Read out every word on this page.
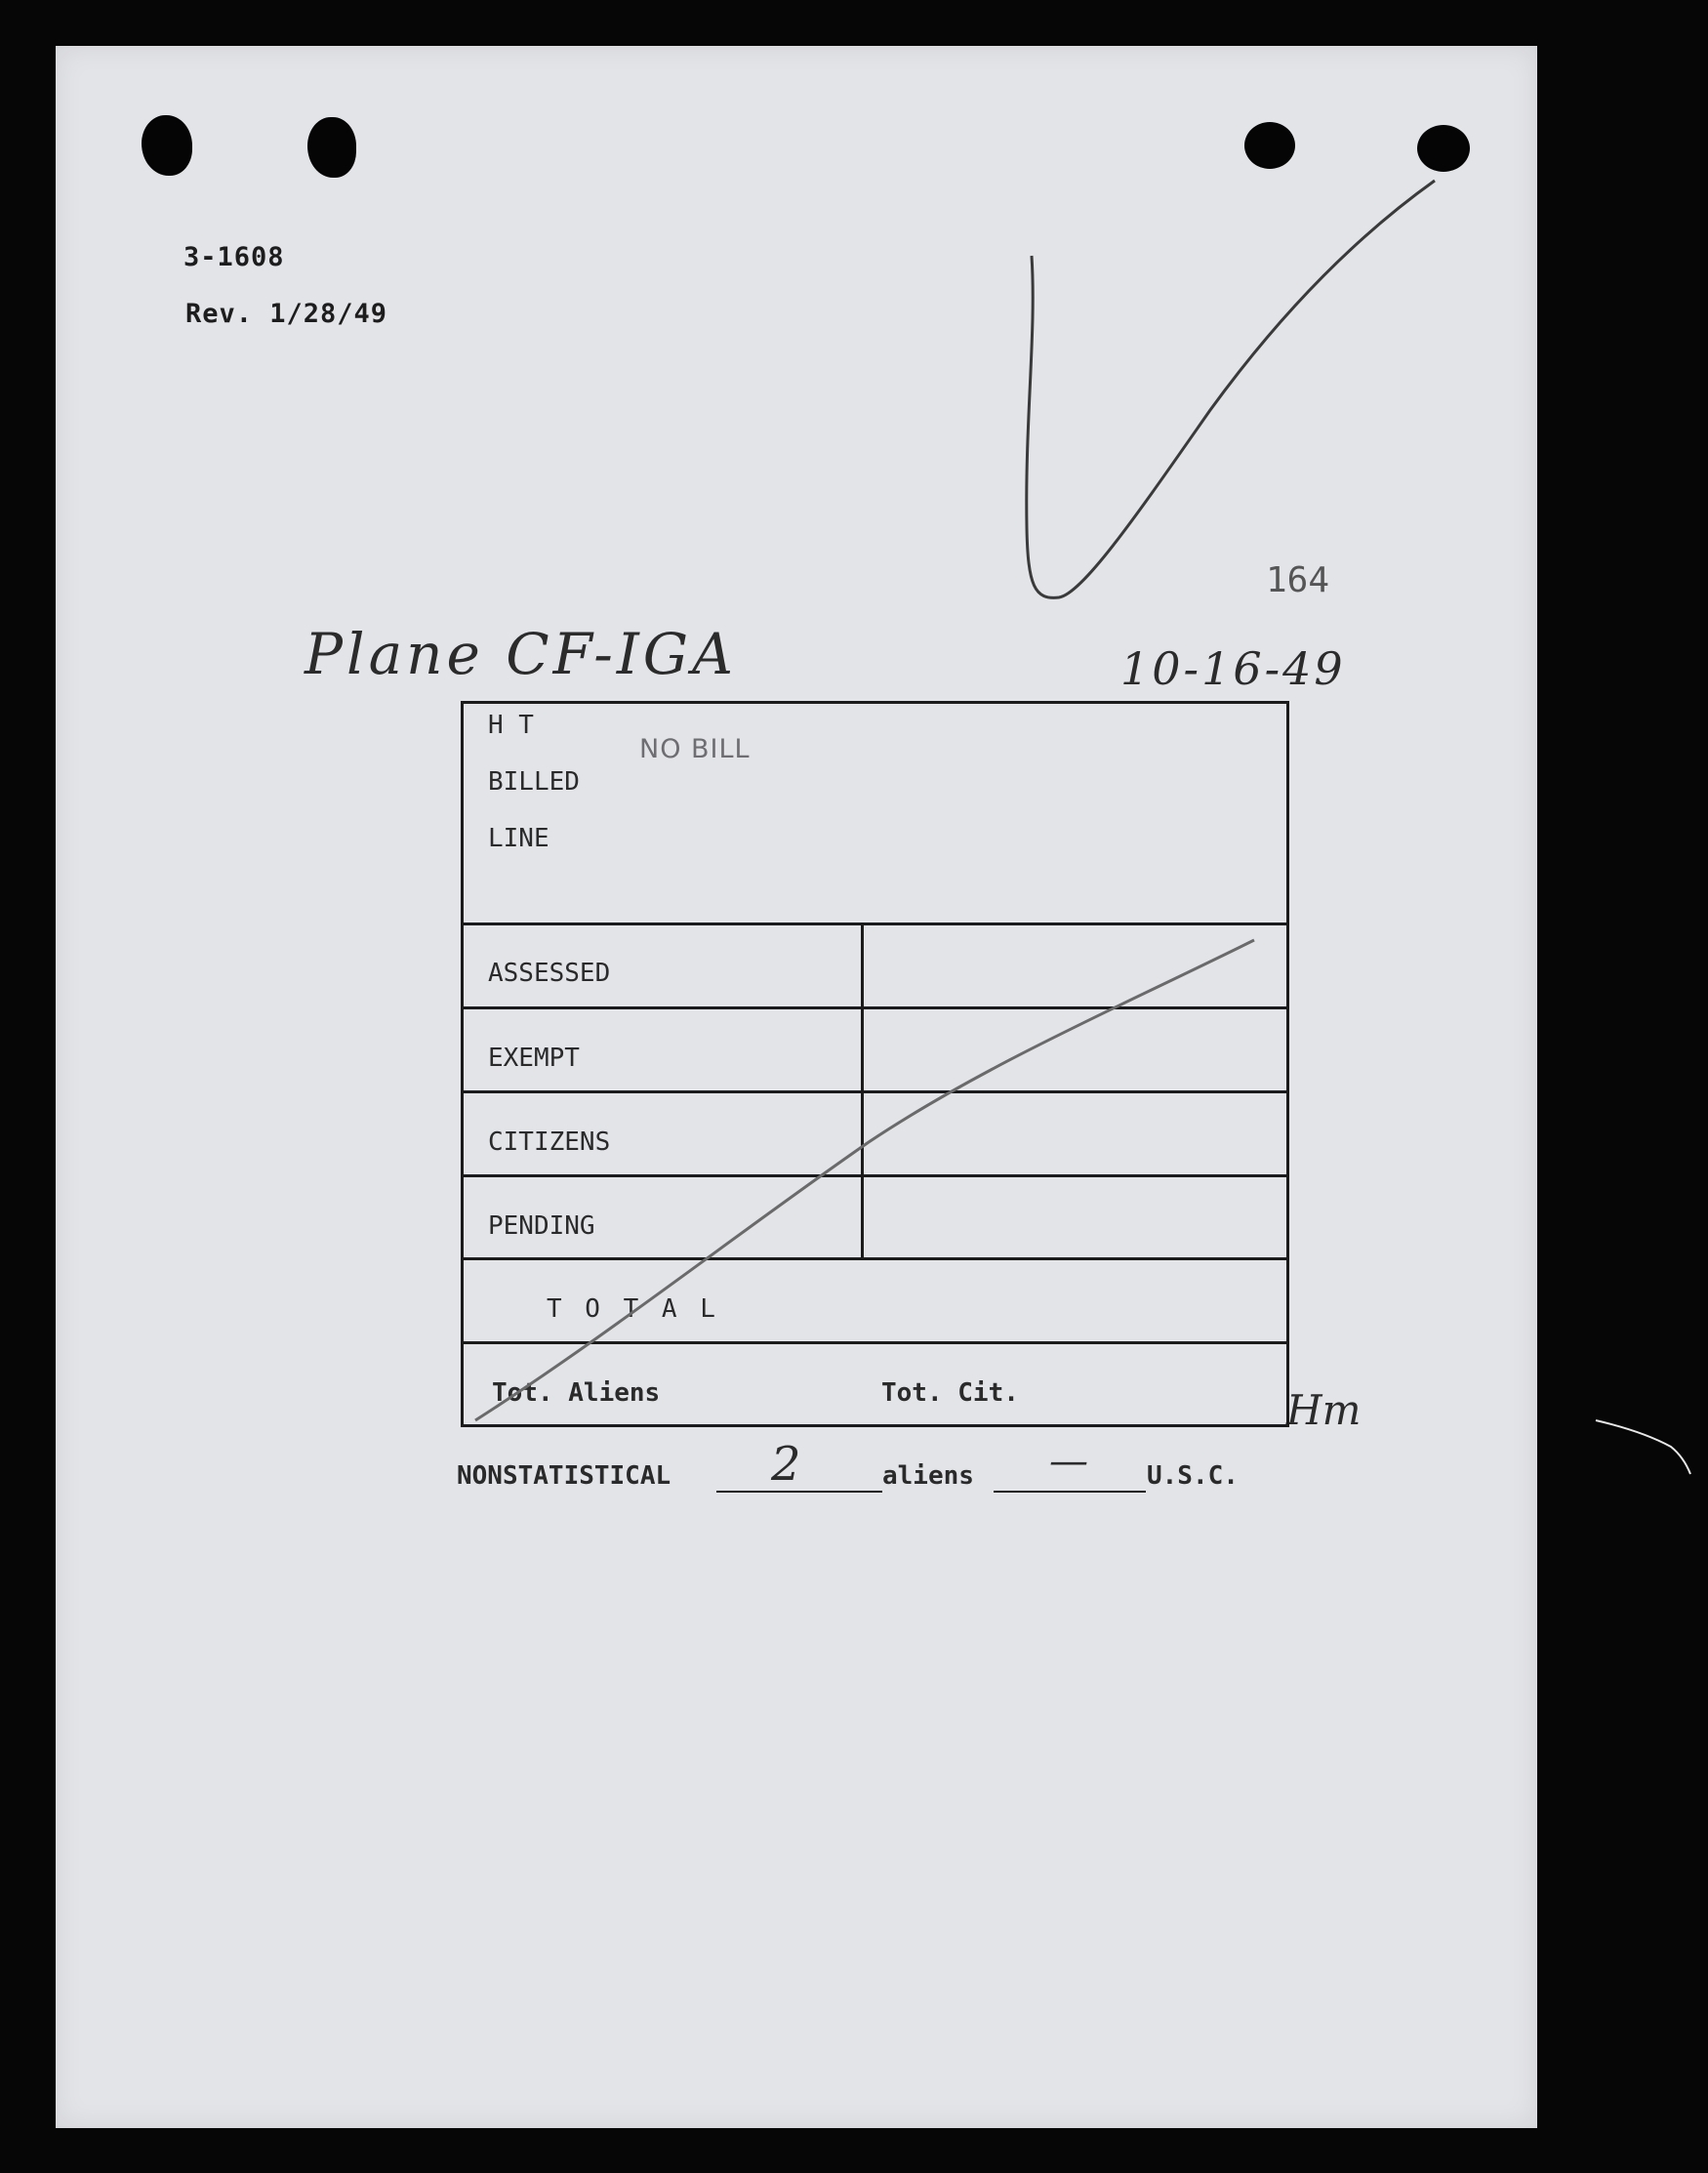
3-1608
Rev. 1/28/49
164
Plane CF-IGA	10-16-49
Hm
NO BILL
H T
BILLED
LINE
ASSESSED
EXEMPT
CITIZENS
PENDING
T O T A L
Tot. Aliens	Tot. Cit.
NONSTATISTICAL 2	aliens — U.S.C.
